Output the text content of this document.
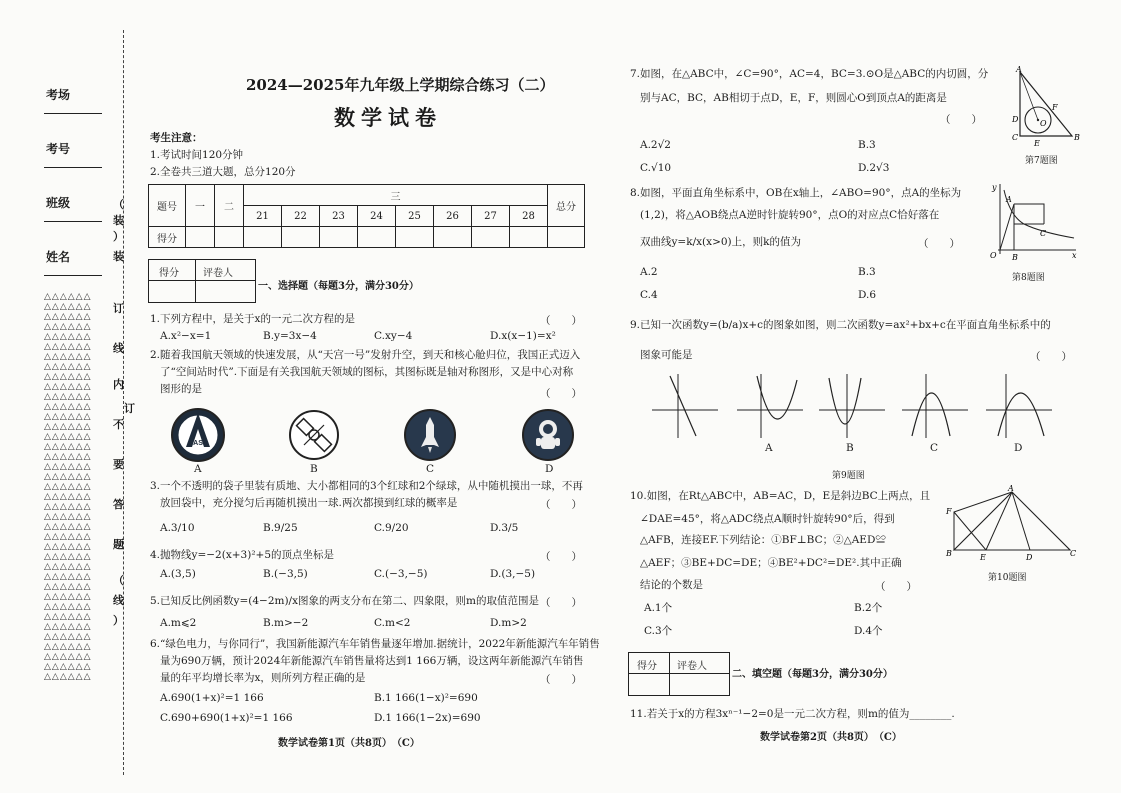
考场
考号
班级
姓名
△△△△△△
△△△△△△
△△△△△△
△△△△△△
△△△△△△
△△△△△△
△△△△△△
△△△△△△
△△△△△△
△△△△△△
△△△△△△
△△△△△△
△△△△△△
△△△△△△
△△△△△△
△△△△△△
△△△△△△
△△△△△△
△△△△△△
△△△△△△
△△△△△△
△△△△△△
△△△△△△
△△△△△△
△△△△△△
△△△△△△
△△△△△△
△△△△△△
△△△△△△
△△△△△△
△△△△△△
△△△△△△
△△△△△△
△△△△△△
△△△△△△
△△△△△△
△△△△△△
△△△△△△
△△△△△△
（
装
）
装
订
线
内
不
要
答
题
（
线
）
订
2024—2025年九年级上学期综合练习（二）
数学试卷
考生注意：
1.考试时间120分钟
2.全卷共三道大题，总分120分
题号	一	二	三								总分
			21	22	23	24	25	26	27	28	
得分											
得分 评卷人
一、选择题（每题3分，满分30分）
1.下列方程中，是关于x的一元二次方程的是	（　　）
A.x²−x=1	B.y=3x−4	C.xy−4	D.x(x−1)=x²
2.随着我国航天领域的快速发展，从“天宫一号”发射升空，到天和核心舱归位，我国正式迈入
了“空间站时代”.下面是有关我国航天领域的图标，其图标既是轴对称图形，又是中心对称
图形的是	（　　）
CASC
A	B	C	D
3.一个不透明的袋子里装有质地、大小都相同的3个红球和2个绿球，从中随机摸出一球，不再
放回袋中，充分搅匀后再随机摸出一球.两次都摸到红球的概率是	（　　）
A.3/10	B.9/25	C.9/20	D.3/5
4.抛物线y=−2(x+3)²+5的顶点坐标是	（　　）
A.(3,5)	B.(−3,5)	C.(−3,−5)	D.(3,−5)
5.已知反比例函数y=(4−2m)/x图象的两支分布在第二、四象限，则m的取值范围是 （　　）
A.m⩽2	B.m>−2	C.m<2	D.m>2
6.“绿色电力，与你同行”，我国新能源汽车年销售量逐年增加.据统计，2022年新能源汽车年销售
量为690万辆，预计2024年新能源汽车销售量将达到1 166万辆，设这两年新能源汽车销售
量的年平均增长率为x，则所列方程正确的是	（　　）
A.690(1+x)²=1 166	B.1 166(1−x)²=690
C.690+690(1+x)²=1 166	D.1 166(1−2x)=690
数学试卷第1页（共8页）　（C）
7.如图，在△ABC中，∠C=90°，AC=4，BC=3.⊙O是△ABC的内切圆，分
别与AC，BC，AB相切于点D，E，F，则圆心O到顶点A的距离是
（　　）
A.2√2	B.3
C.√10	D.2√3
A
D
C
E
B
F
O
第7题图
8.如图，平面直角坐标系中，OB在x轴上，∠ABO=90°，点A的坐标为
(1,2)，将△AOB绕点A逆时针旋转90°，点O的对应点C恰好落在
双曲线y=k/x(x>0)上，则k的值为	（　　）
A.2	B.3
C.4	D.6
O B
A
C
x
y
第8题图
9.已知一次函数y=(b/a)x+c的图象如图，则二次函数y=ax²+bx+c在平面直角坐标系中的
图象可能是	（　　）
A	B	C	D
第9题图
10.如图，在Rt△ABC中，AB=AC，D，E是斜边BC上两点，且
∠DAE=45°，将△ADC绕点A顺时针旋转90°后，得到
△AFB，连接EF.下列结论：①BF⊥BC；②△AED≌
△AEF；③BE+DC=DE；④BE²+DC²=DE².其中正确
结论的个数是	（　　）
A.1个	B.2个
C.3个	D.4个
A
F
B	E	D	C
第10题图
得分 评卷人
二、填空题（每题3分，满分30分）
11.若关于x的方程3xⁿ⁻¹−2=0是一元二次方程，则m的值为________.
数学试卷第2页（共8页）　（C）
